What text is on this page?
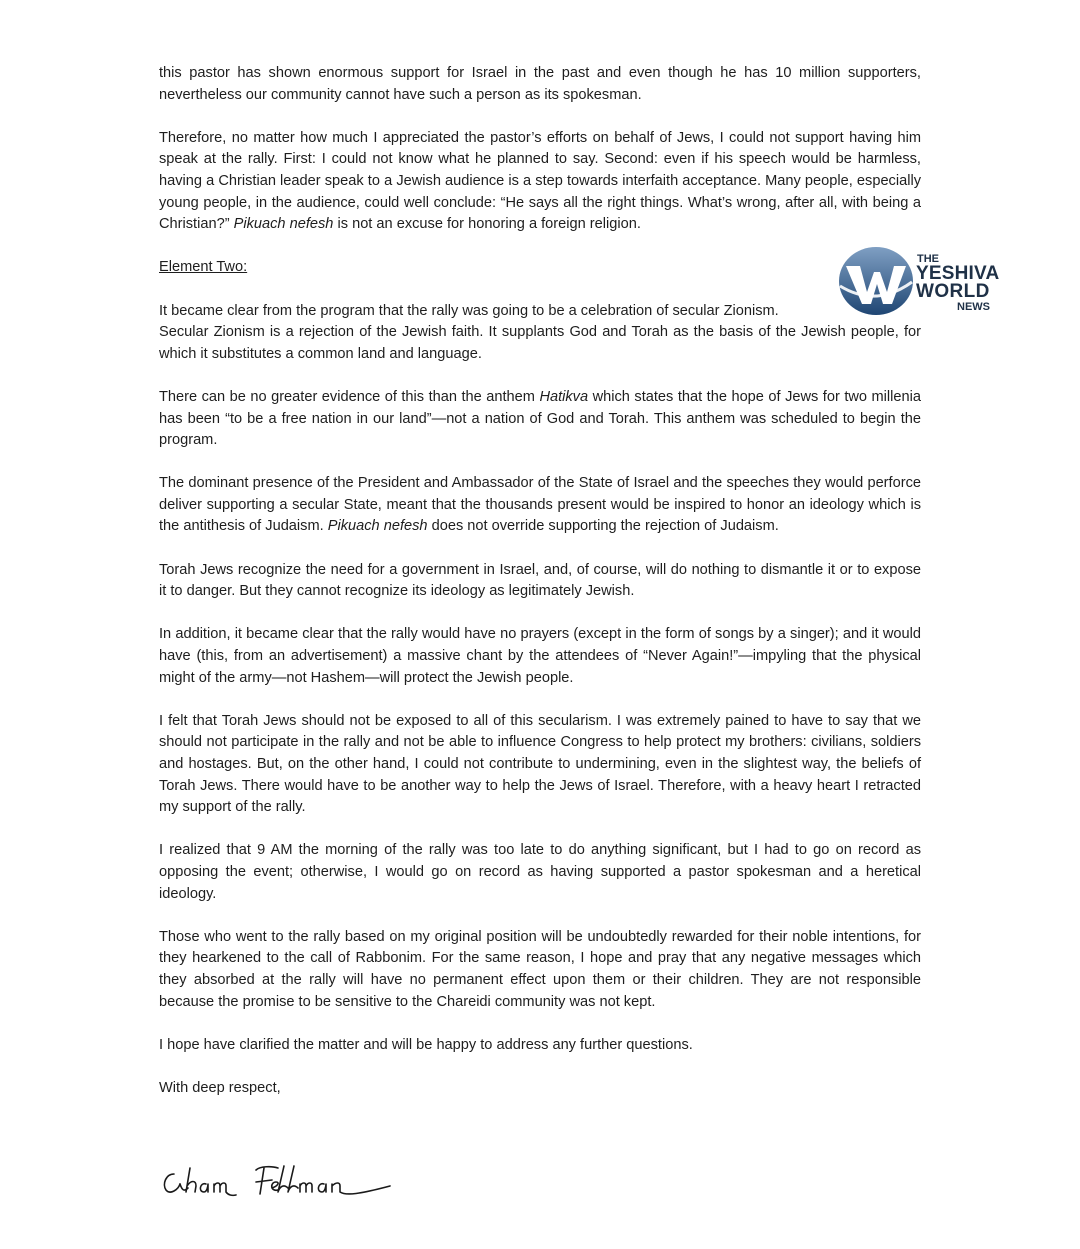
this pastor has shown enormous support for Israel in the past and even though he has 10 million supporters, nevertheless our community cannot have such a person as its spokesman.

Therefore, no matter how much I appreciated the pastor’s efforts on behalf of Jews, I could not support having him speak at the rally. First: I could not know what he planned to say. Second: even if his speech would be harmless, having a Christian leader speak to a Jewish audience is a step towards interfaith acceptance. Many people, especially young people, in the audience, could well conclude: “He says all the right things. What’s wrong, after all, with being a Christian?” Pikuach nefesh is not an excuse for honoring a foreign religion.

Element Two:

It became clear from the program that the rally was going to be a celebration of secular Zionism.

Secular Zionism is a rejection of the Jewish faith. It supplants God and Torah as the basis of the Jewish people, for which it substitutes a common land and language.

There can be no greater evidence of this than the anthem Hatikva which states that the hope of Jews for two millenia has been “to be a free nation in our land”—not a nation of God and Torah. This anthem was scheduled to begin the program.

The dominant presence of the President and Ambassador of the State of Israel and the speeches they would perforce deliver supporting a secular State, meant that the thousands present would be inspired to honor an ideology which is the antithesis of Judaism. Pikuach nefesh does not override supporting the rejection of Judaism.

Torah Jews recognize the need for a government in Israel, and, of course, will do nothing to dismantle it or to expose it to danger. But they cannot recognize its ideology as legitimately Jewish.

In addition, it became clear that the rally would have no prayers (except in the form of songs by a singer); and it would have (this, from an advertisement) a massive chant by the attendees of “Never Again!”—impyling that the physical might of the army—not Hashem—will protect the Jewish people.

I felt that Torah Jews should not be exposed to all of this secularism. I was extremely pained to have to say that we should not participate in the rally and not be able to influence Congress to help protect my brothers: civilians, soldiers and hostages. But, on the other hand, I could not contribute to undermining, even in the slightest way, the beliefs of Torah Jews. There would have to be another way to help the Jews of Israel. Therefore, with a heavy heart I retracted my support of the rally.

I realized that 9 AM the morning of the rally was too late to do anything significant, but I had to go on record as opposing the event; otherwise, I would go on record as having supported a pastor spokesman and a heretical ideology.

Those who went to the rally based on my original position will be undoubtedly rewarded for their noble intentions, for they hearkened to the call of Rabbonim. For the same reason, I hope and pray that any negative messages which they absorbed at the rally will have no permanent effect upon them or their children. They are not responsible because the promise to be sensitive to the Chareidi community was not kept.

I hope have clarified the matter and will be happy to address any further questions.

With deep respect,

THE
YESHIVA
WORLD
NEWS
